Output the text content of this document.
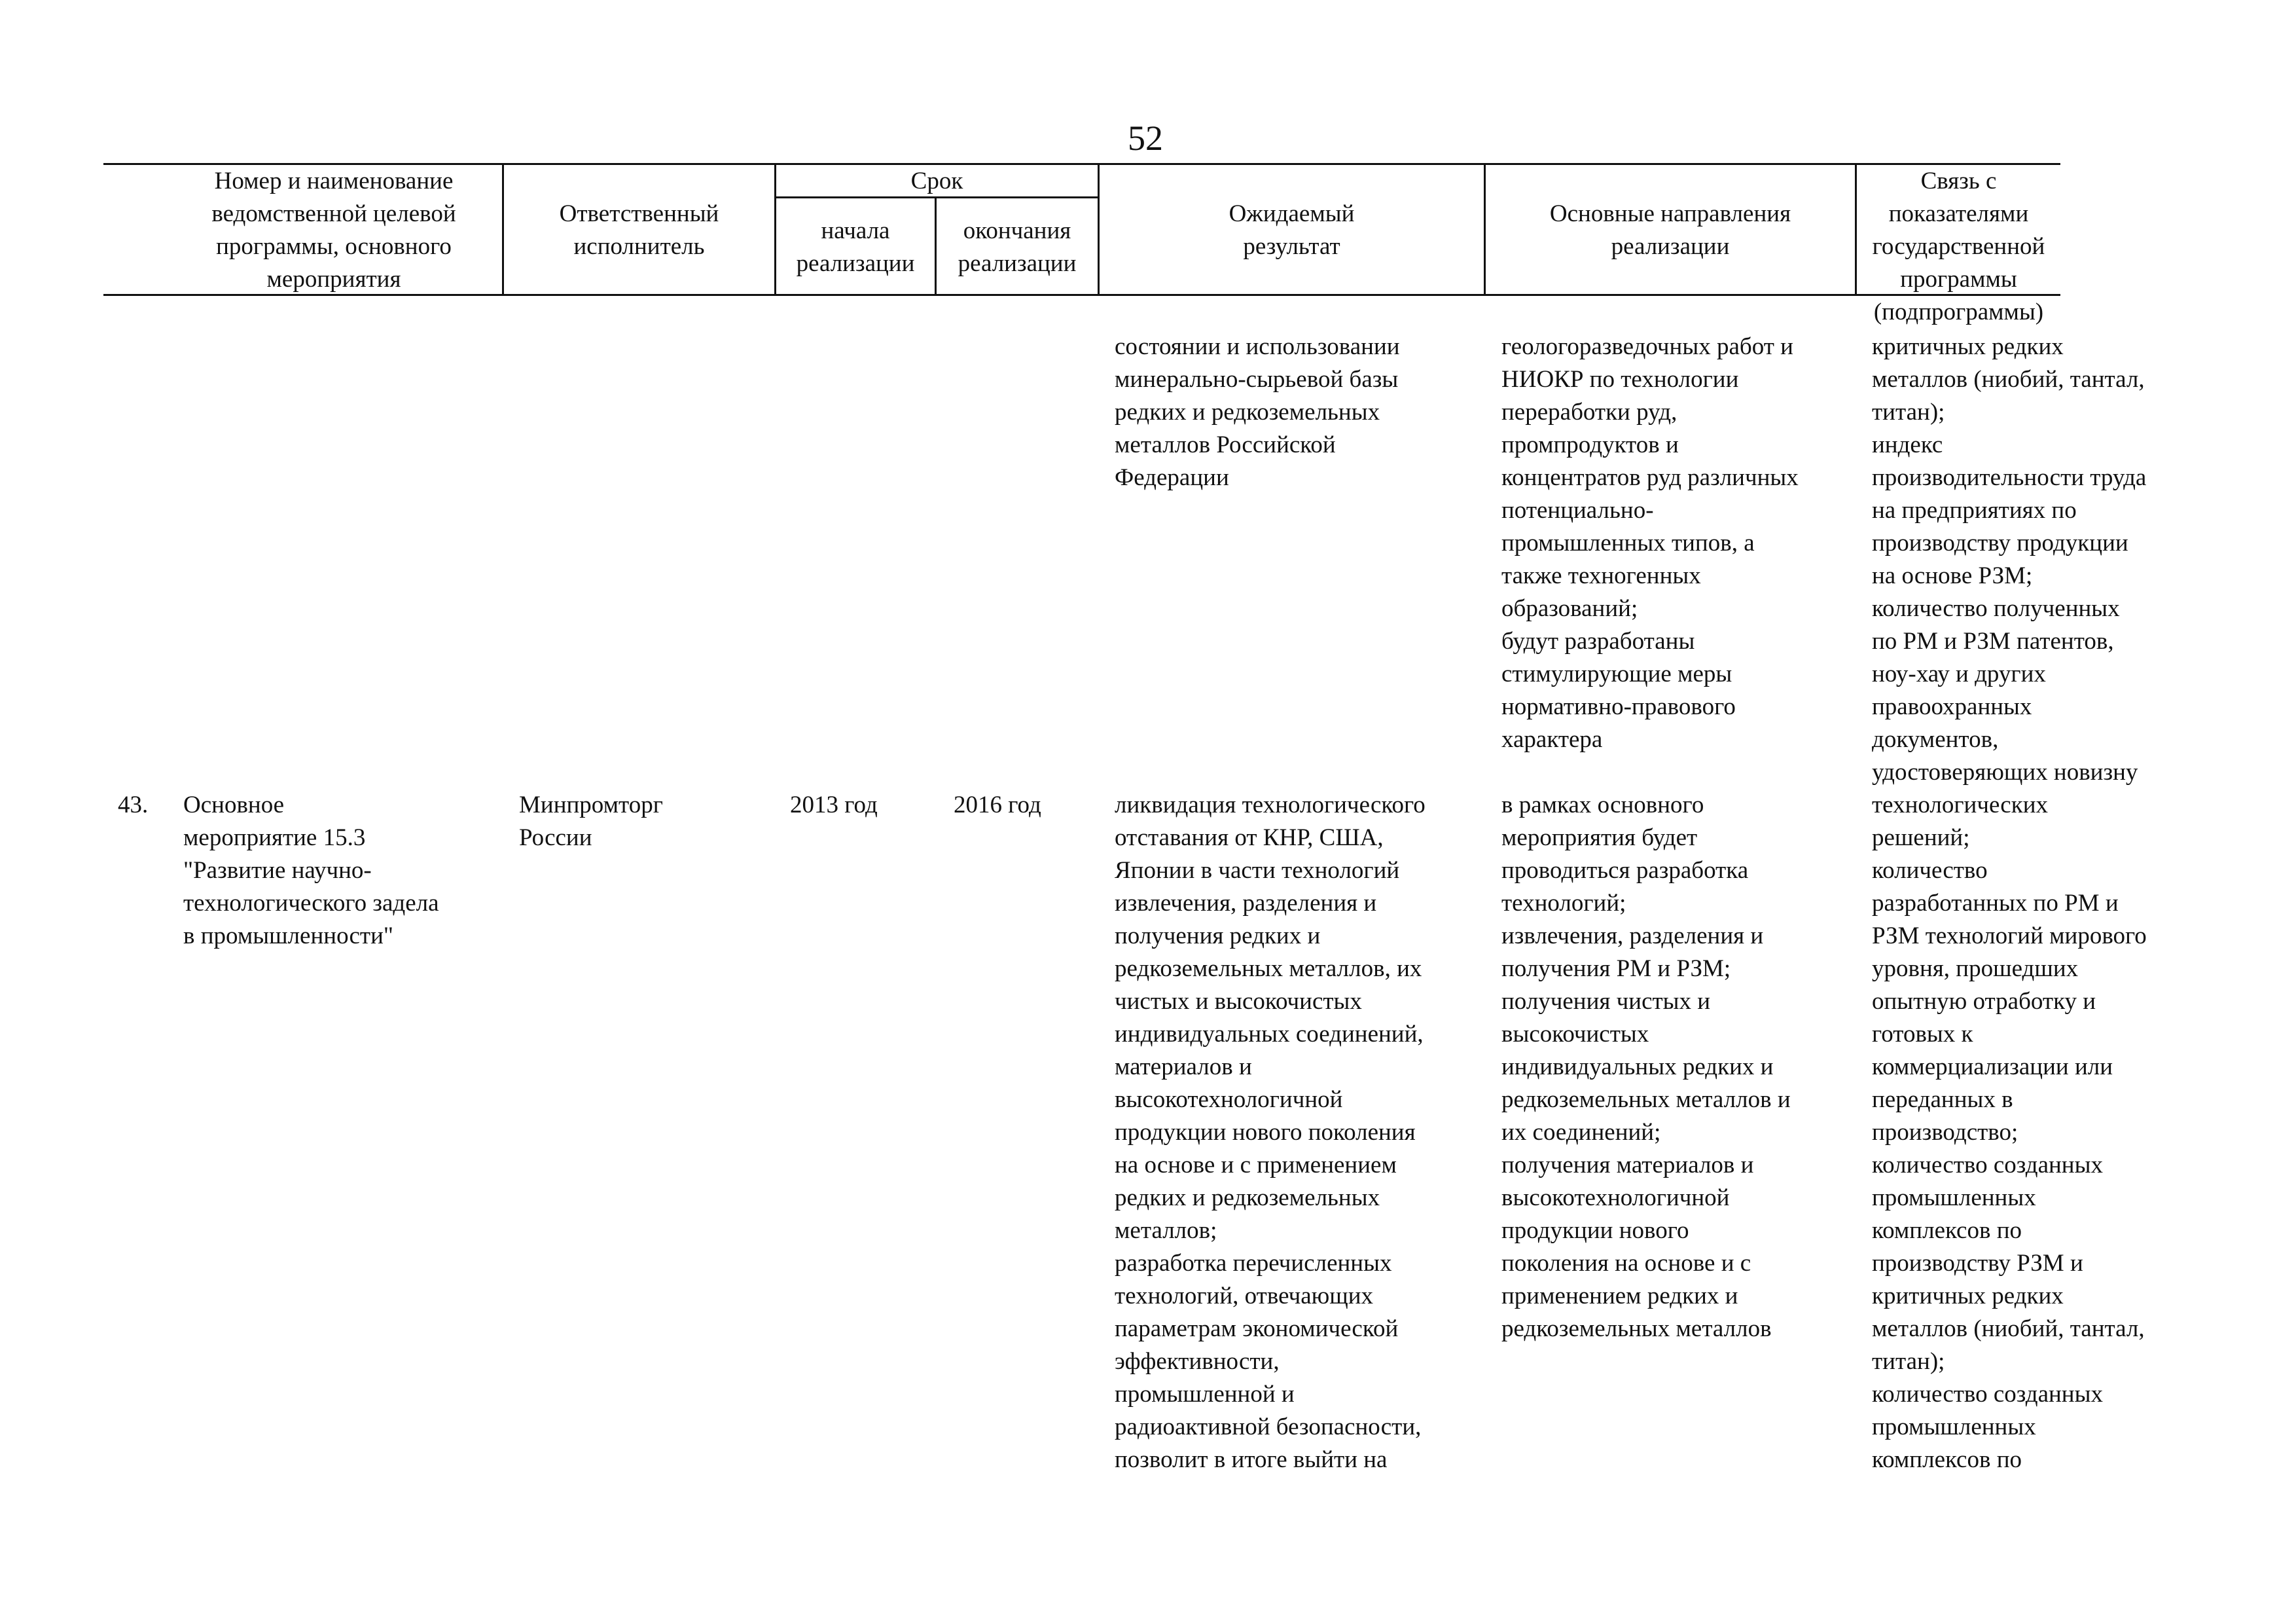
52
Номер и наименование
ведомственной целевой
программы, основного
мероприятия
Ответственный
исполнитель
Срок
начала
реализации
окончания
реализации
Ожидаемый
результат
Основные направления
реализации
Связь с показателями
государственной
программы
(подпрограммы)
состоянии и использовании
минерально-сырьевой базы
редких и редкоземельных
металлов Российской
Федерации
геологоразведочных работ и
НИОКР по технологии
переработки руд,
промпродуктов и
концентратов руд различных
потенциально-
промышленных типов, а
также техногенных
образований;
будут разработаны
стимулирующие меры
нормативно-правового
характера
критичных редких
металлов (ниобий, тантал,
титан);
индекс
производительности труда
на предприятиях по
производству продукции
на основе РЗМ;
количество полученных
по РМ и РЗМ патентов,
ноу-хау и других
правоохранных
документов,
удостоверяющих новизну
технологических
решений;
количество
разработанных по РМ и
РЗМ технологий мирового
уровня, прошедших
опытную отработку и
готовых к
коммерциализации или
переданных в
производство;
количество созданных
промышленных
комплексов по
производству РЗМ и
критичных редких
металлов (ниобий, тантал,
титан);
количество созданных
промышленных
комплексов по
43. Основное
мероприятие 15.3
"Развитие научно-
технологического задела
в промышленности"
Минпромторг
России
2013 год	2016 год	ликвидация технологического
отставания от КНР, США,
Японии в части технологий
извлечения, разделения и
получения редких и
редкоземельных металлов, их
чистых и высокочистых
индивидуальных соединений,
материалов и
высокотехнологичной
продукции нового поколения
на основе и с применением
редких и редкоземельных
металлов;
разработка перечисленных
технологий, отвечающих
параметрам экономической
эффективности,
промышленной и
радиоактивной безопасности,
позволит в итоге выйти на
в рамках основного
мероприятия будет
проводиться разработка
технологий;
извлечения, разделения и
получения РМ и РЗМ;
получения чистых и
высокочистых
индивидуальных редких и
редкоземельных металлов и
их соединений;
получения материалов и
высокотехнологичной
продукции нового
поколения на основе и с
применением редких и
редкоземельных металлов
